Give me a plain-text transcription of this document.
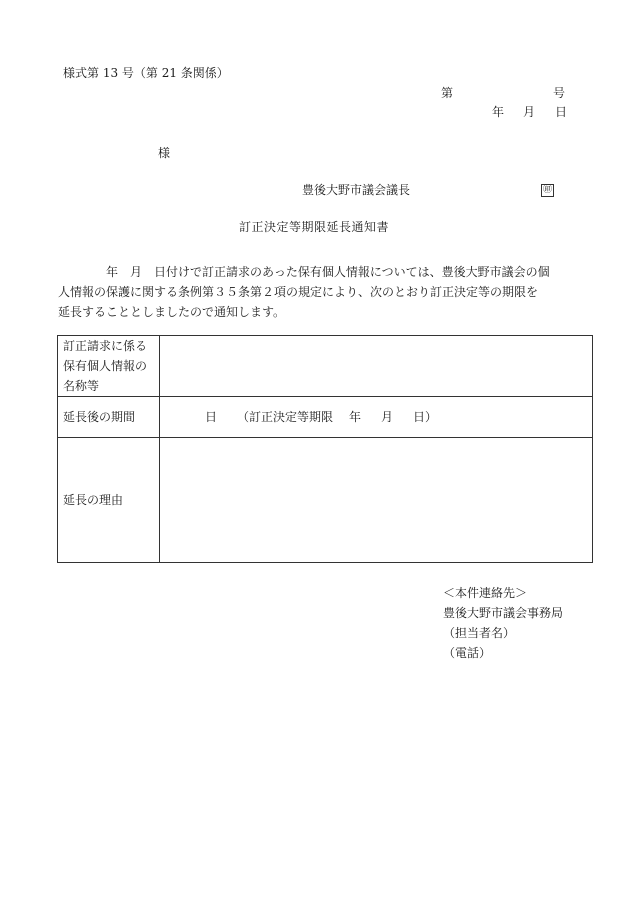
様式第 13 号（第 21 条関係）
第	号
年 月 日
様
豊後大野市議会議長	㊞
訂正決定等期限延長通知書
　　　　年　月　日付けで訂正請求のあった保有個人情報については、豊後大野市議会の個
人情報の保護に関する条例第３５条第２項の規定により、次のとおり訂正決定等の期限を
延長することとしましたので通知します。
訂正請求に係る
保有個人情報の
名称等	

延長後の期間	日 （訂正決定等期限 年 月 日）

延長の理由	
＜本件連絡先＞
豊後大野市議会事務局
（担当者名）
（電話）
